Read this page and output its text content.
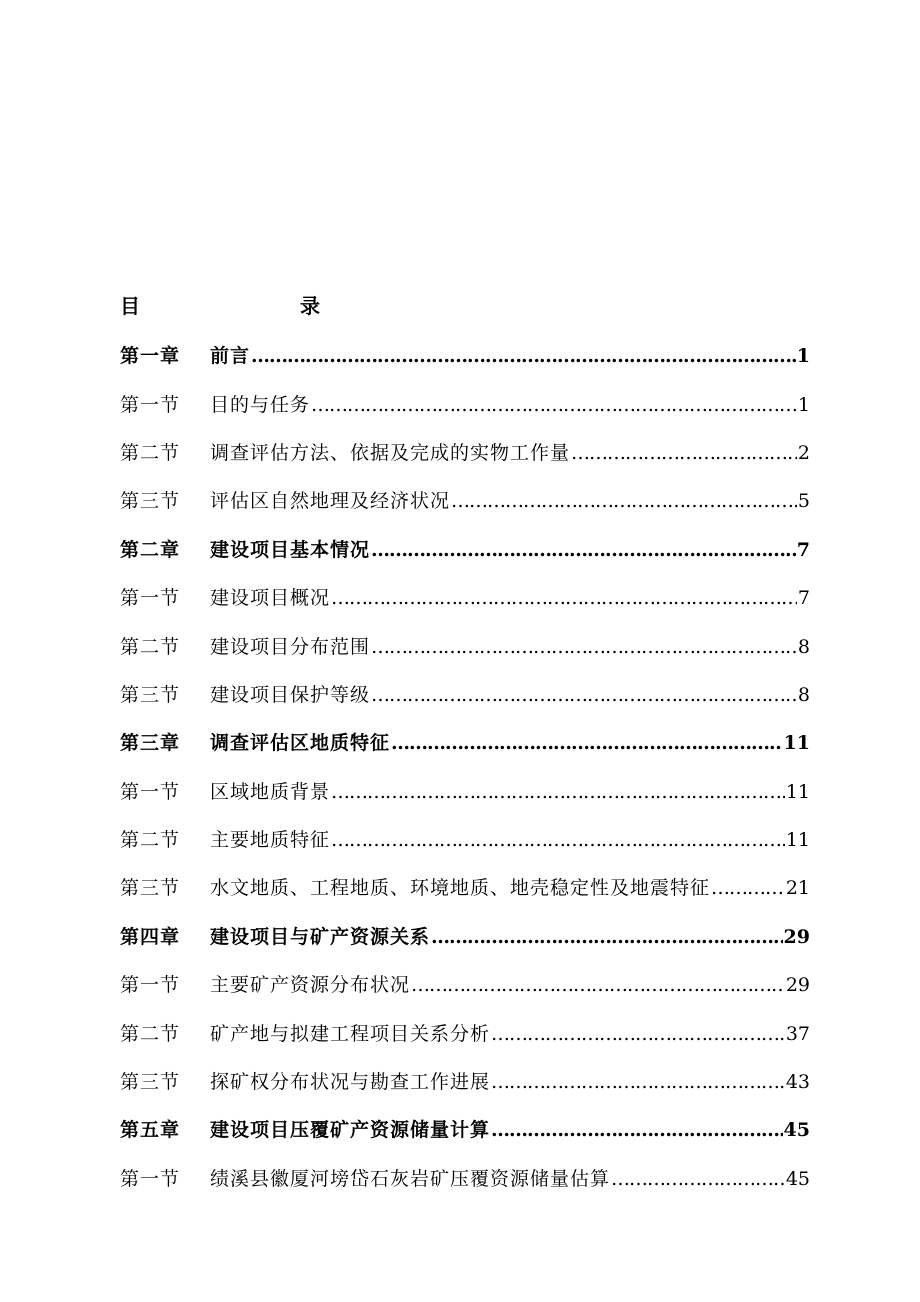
目　　录
第一章 前言 …………………………………………………………………………………………………………………………………………………………	1
第一节 目的与任务 …………………………………………………………………………………………………………………………………………………………	1
第二节 调查评估方法、依据及完成的实物工作量 …………………………………………………………………………………………………………………………………………………………	2
第三节 评估区自然地理及经济状况 …………………………………………………………………………………………………………………………………………………………	5
第二章 建设项目基本情况 …………………………………………………………………………………………………………………………………………………………	7
第一节 建设项目概况 …………………………………………………………………………………………………………………………………………………………	7
第二节 建设项目分布范围 …………………………………………………………………………………………………………………………………………………………	8
第三节 建设项目保护等级 …………………………………………………………………………………………………………………………………………………………	8
第三章 调查评估区地质特征 …………………………………………………………………………………………………………………………………………………………	11
第一节 区域地质背景 …………………………………………………………………………………………………………………………………………………………	11
第二节 主要地质特征 …………………………………………………………………………………………………………………………………………………………	11
第三节 水文地质、工程地质、环境地质、地壳稳定性及地震特征 …………………………………………………………………………………………………………………………………………………………	21
第四章 建设项目与矿产资源关系 …………………………………………………………………………………………………………………………………………………………	29
第一节 主要矿产资源分布状况 …………………………………………………………………………………………………………………………………………………………	29
第二节 矿产地与拟建工程项目关系分析 …………………………………………………………………………………………………………………………………………………………	37
第三节 探矿权分布状况与勘查工作进展 …………………………………………………………………………………………………………………………………………………………	43
第五章 建设项目压覆矿产资源储量计算 …………………………………………………………………………………………………………………………………………………………	45
第一节 绩溪县徽厦河塝岱石灰岩矿压覆资源储量估算 …………………………………………………………………………………………………………………………………………………………	45
